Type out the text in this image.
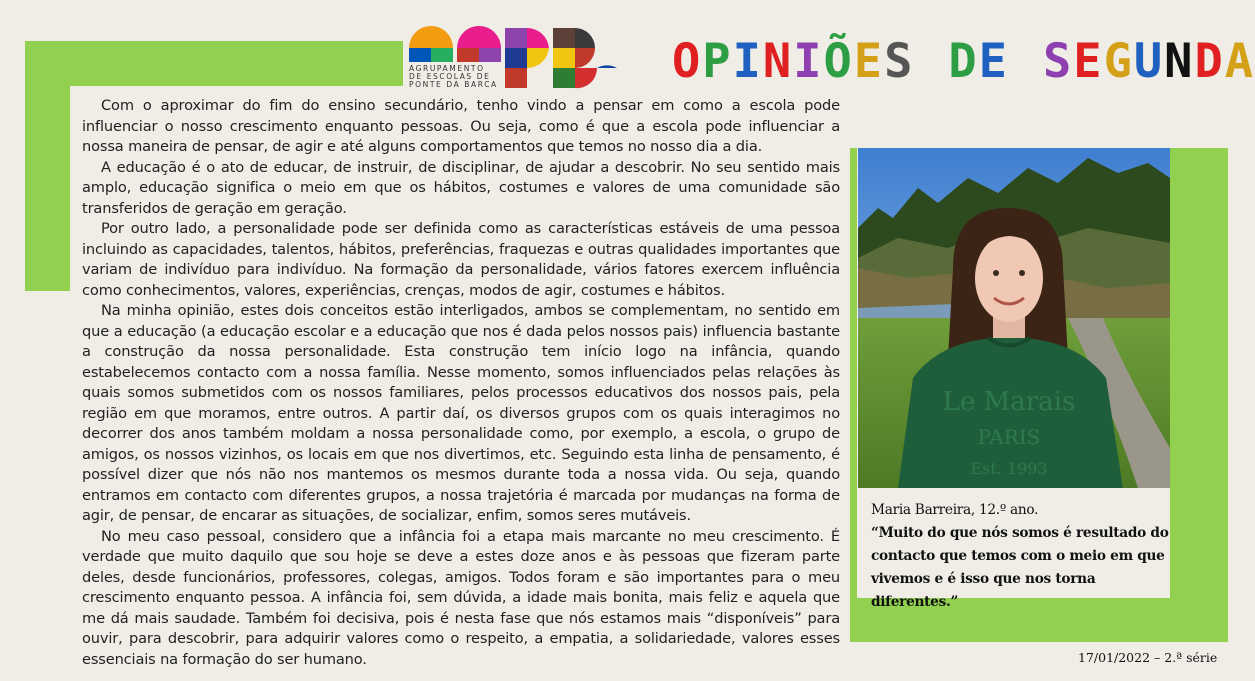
AGRUPAMENTO
DE ESCOLAS DE
PONTE DA BARCA	OPINIÕES DE SEGUNDA

Com o aproximar do fim do ensino secundário, tenho vindo a pensar em como a escola pode influenciar o nosso crescimento enquanto pessoas. Ou seja, como é que a escola pode influenciar a nossa maneira de pensar, de agir e até alguns comportamentos que temos no nosso dia a dia.

A educação é o ato de educar, de instruir, de disciplinar, de ajudar a descobrir. No seu sentido mais amplo, educação significa o meio em que os hábitos, costumes e valores de uma comunidade são transferidos de geração em geração.

Por outro lado, a personalidade pode ser definida como as características estáveis de uma pessoa incluindo as capacidades, talentos, hábitos, preferências, fraquezas e outras qualidades importantes que variam de indivíduo para indivíduo. Na formação da personalidade, vários fatores exercem influência como conhecimentos, valores, experiências, crenças, modos de agir, costumes e hábitos.

Na minha opinião, estes dois conceitos estão interligados, ambos se complementam, no sentido em que a educação (a educação escolar e a educação que nos é dada pelos nossos pais) influencia bastante a construção da nossa personalidade. Esta construção tem início logo na infância, quando estabelecemos contacto com a nossa família. Nesse momento, somos influenciados pelas relações às quais somos submetidos com os nossos familiares, pelos processos educativos dos nossos pais, pela região em que moramos, entre outros. A partir daí, os diversos grupos com os quais interagimos no decorrer dos anos também moldam a nossa personalidade como, por exemplo, a escola, o grupo de amigos, os nossos vizinhos, os locais em que nos divertimos, etc. Seguindo esta linha de pensamento, é possível dizer que nós não nos mantemos os mesmos durante toda a nossa vida. Ou seja, quando entramos em contacto com diferentes grupos, a nossa trajetória é marcada por mudanças na forma de agir, de pensar, de encarar as situações, de socializar, enfim, somos seres mutáveis.

No meu caso pessoal, considero que a infância foi a etapa mais marcante no meu crescimento. É verdade que muito daquilo que sou hoje se deve a estes doze anos e às pessoas que fizeram parte deles, desde funcionários, professores, colegas, amigos. Todos foram e são importantes para o meu crescimento enquanto pessoa. A infância foi, sem dúvida, a idade mais bonita, mais feliz e aquela que me dá mais saudade. Também foi decisiva, pois é nesta fase que nós estamos mais “disponíveis” para ouvir, para descobrir, para adquirir valores como o respeito, a empatia, a solidariedade, valores esses essenciais na formação do ser humano.

Le Marais
PARIS
Est. 1993
Maria Barreira, 12.º ano.
“Muito do que nós somos é resultado do contacto que temos com o meio em que vivemos e é isso que nos torna diferentes.”
17/01/2022 – 2.ª série
